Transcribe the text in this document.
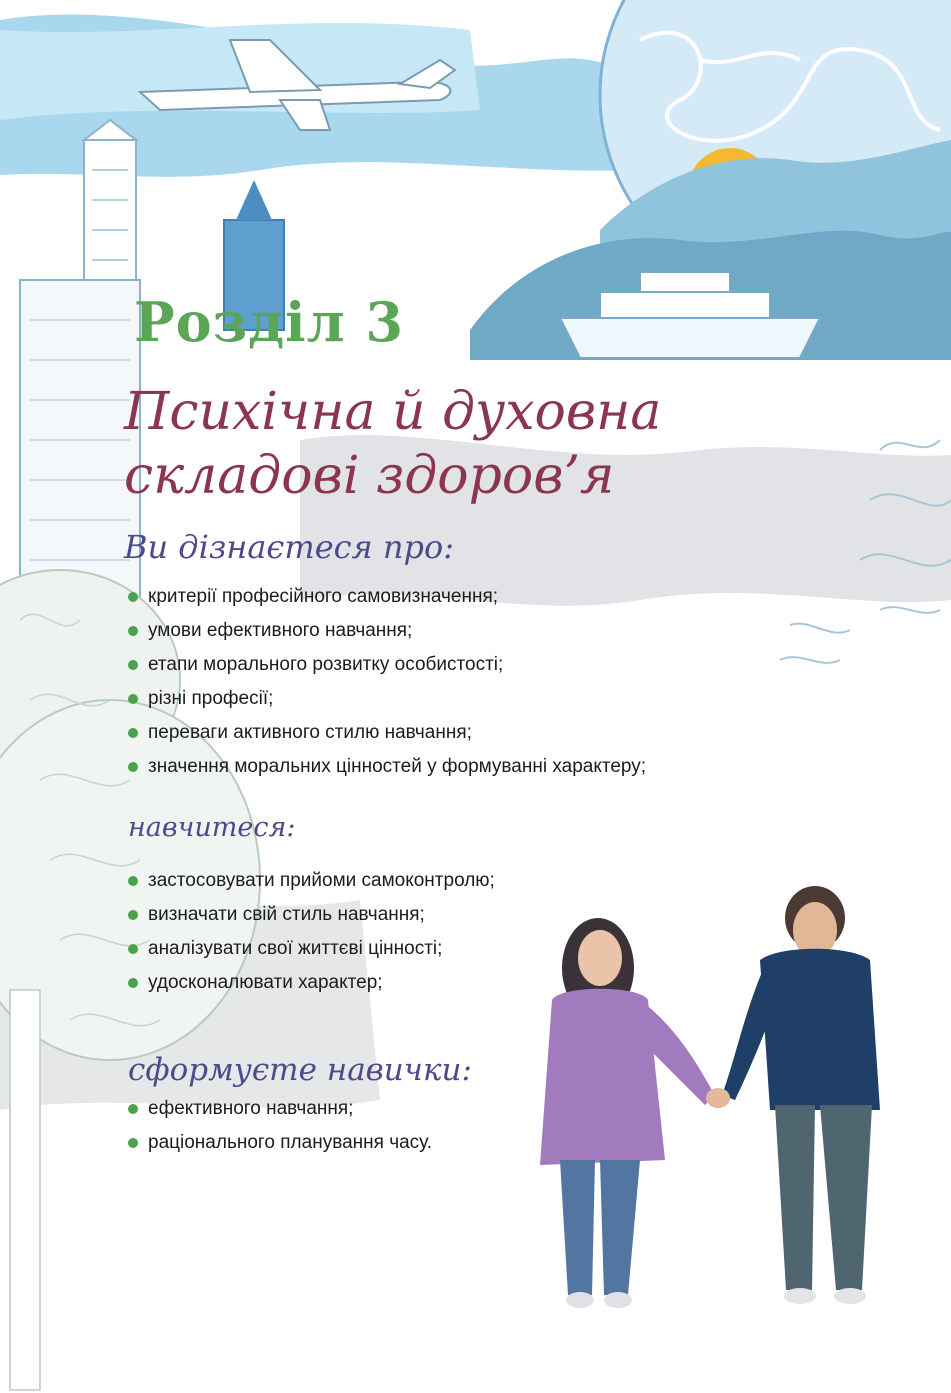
Розділ 3
Психічна й духовна
складові здоров’я
Ви дізнаєтеся про:
критерії професійного самовизначення;
умови ефективного навчання;
етапи морального розвитку особистості;
різні професії;
переваги активного стилю навчання;
значення моральних цінностей у формуванні характеру;
навчитеся:
застосовувати прийоми самоконтролю;
визначати свій стиль навчання;
аналізувати свої життєві цінності;
удосконалювати характер;
сформуєте навички:
ефективного навчання;
раціонального планування часу.
